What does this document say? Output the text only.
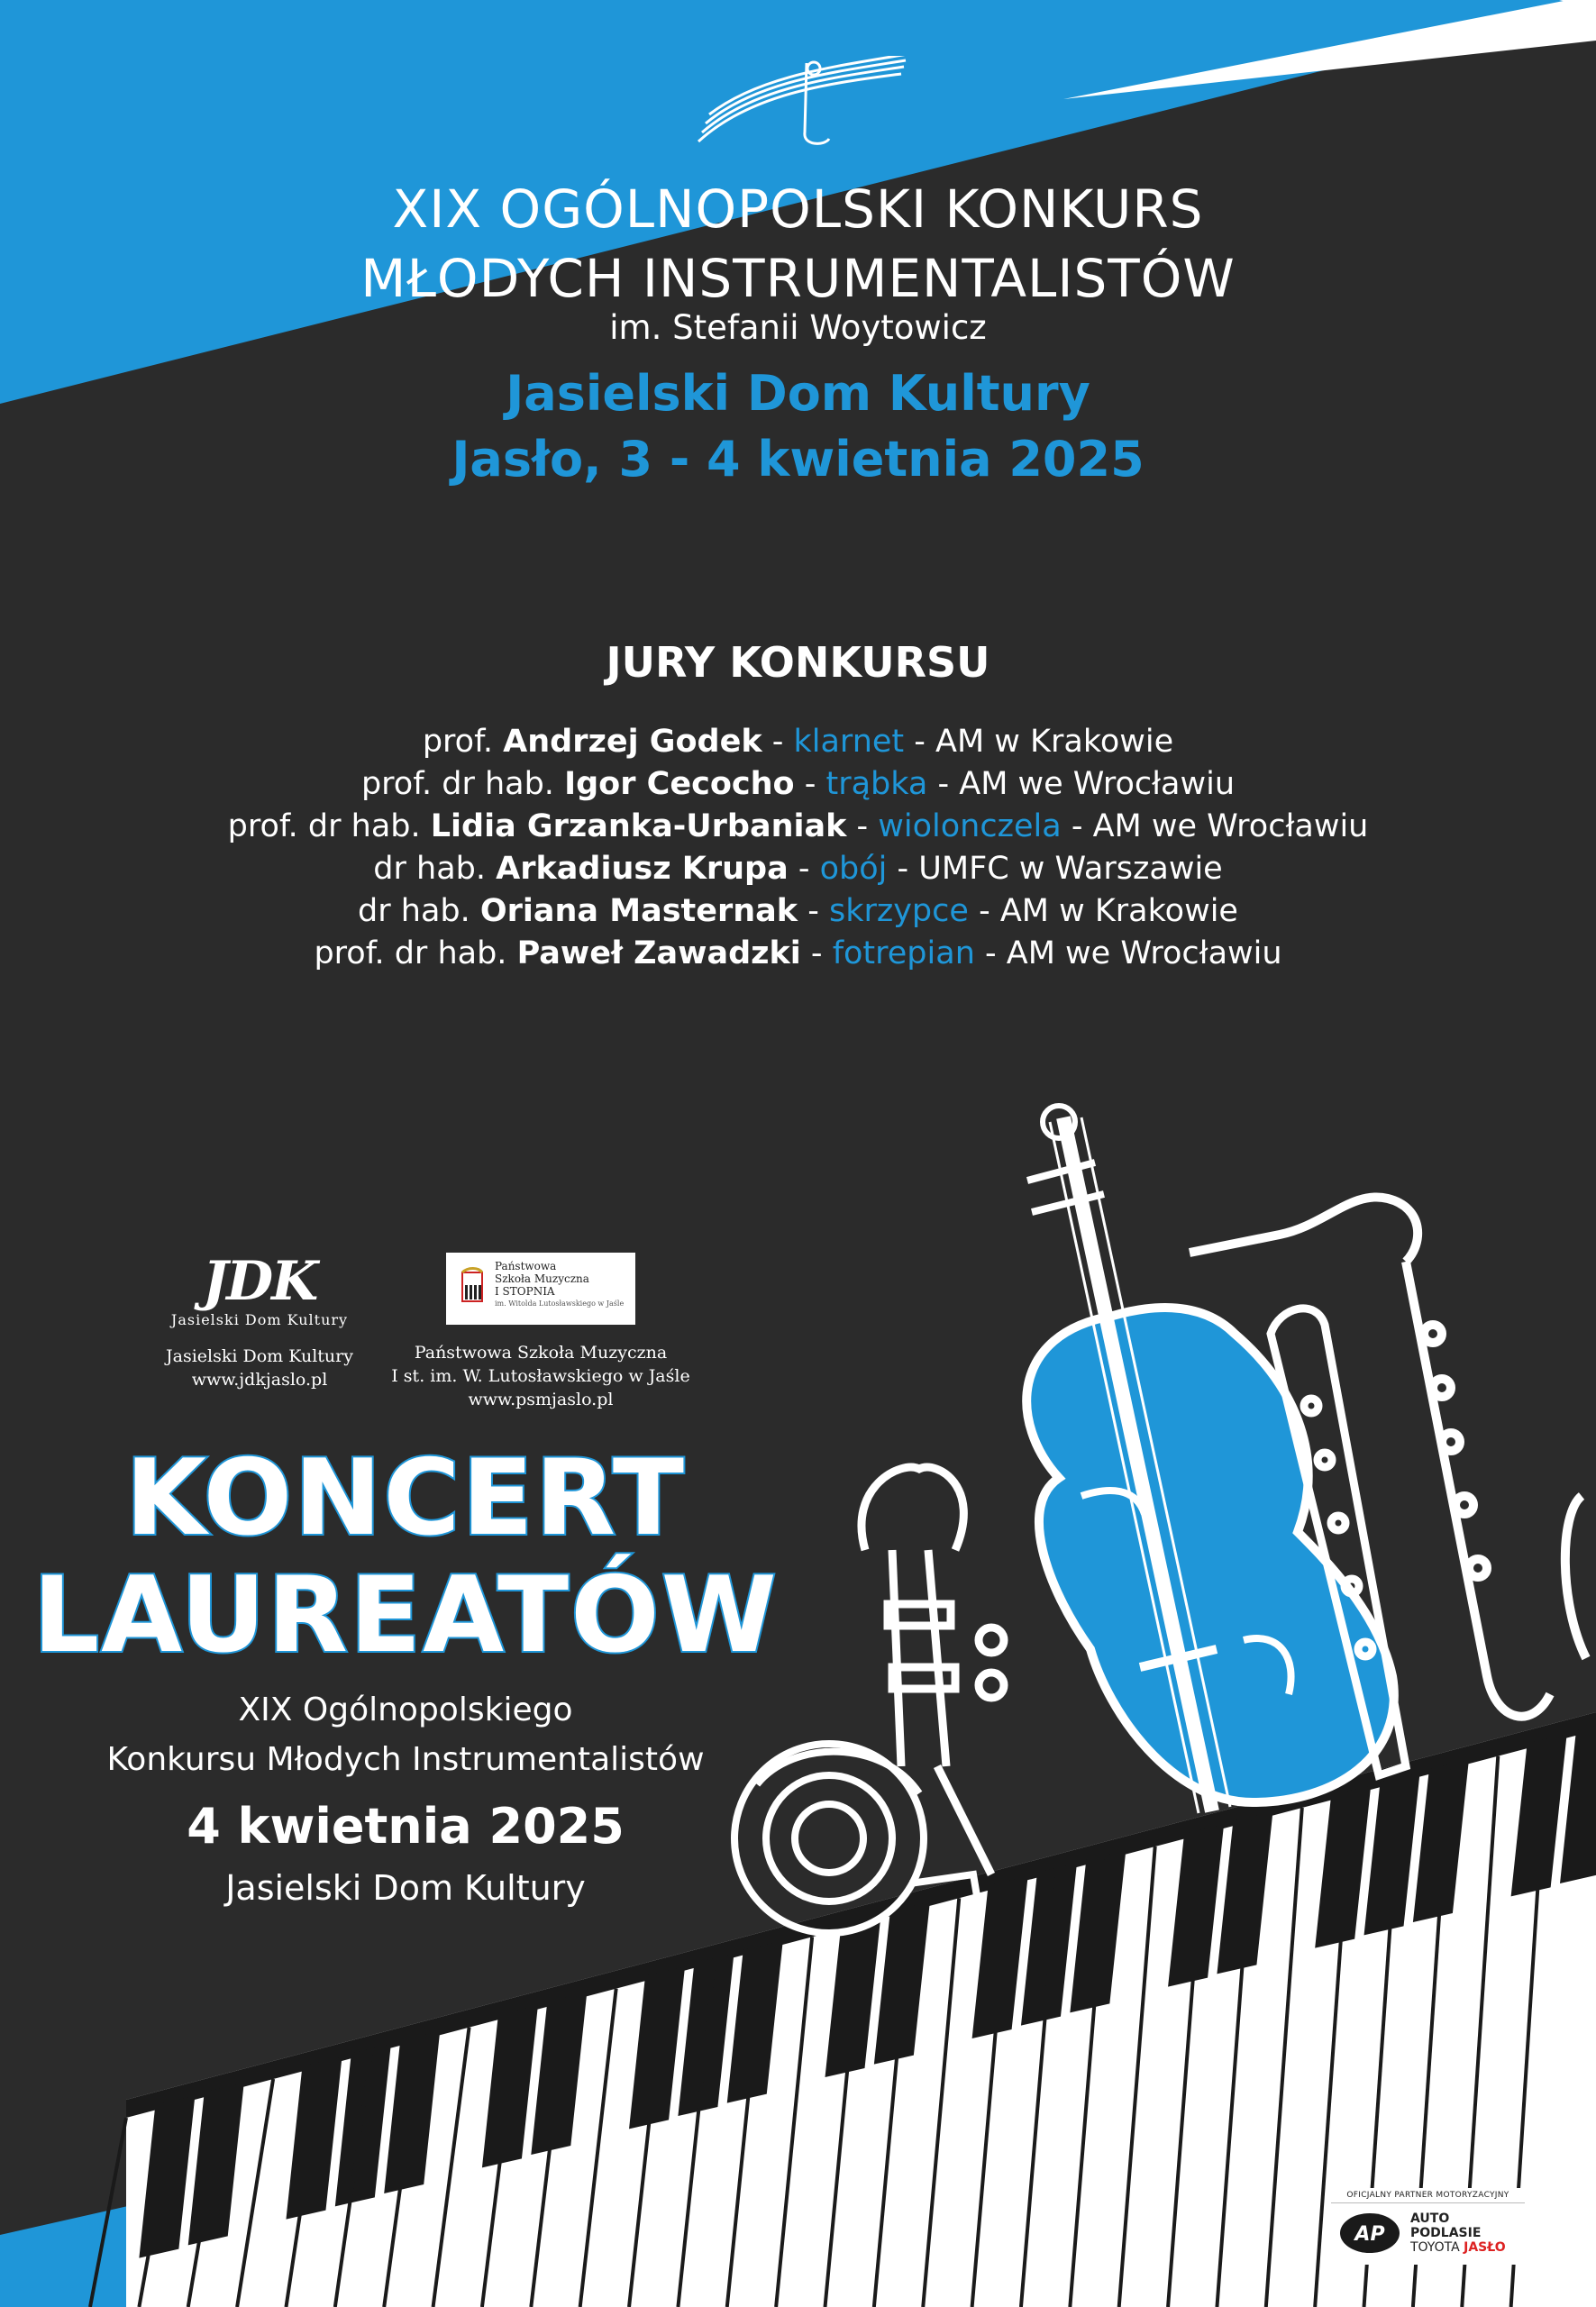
XIX OGÓLNOPOLSKI KONKURS
MŁODYCH INSTRUMENTALISTÓW
im. Stefanii Woytowicz
Jasielski Dom Kultury
Jasło, 3 - 4 kwietnia 2025
JURY KONKURSU
prof. Andrzej Godek - klarnet - AM w Krakowie
prof. dr hab. Igor Cecocho - trąbka - AM we Wrocławiu
prof. dr hab. Lidia Grzanka-Urbaniak - wiolonczela - AM we Wrocławiu
dr hab. Arkadiusz Krupa - obój - UMFC w Warszawie
dr hab. Oriana Masternak - skrzypce - AM w Krakowie
prof. dr hab. Paweł Zawadzki - fotrepian - AM we Wrocławiu
JDK
Jasielski Dom Kultury
Jasielski Dom Kultury
www.jdkjaslo.pl
Państwowa
Szkoła Muzyczna
I STOPNIA
im. Witolda Lutosławskiego w Jaśle
Państwowa Szkoła Muzyczna
I st. im. W. Lutosławskiego w Jaśle
www.psmjaslo.pl
KONCERT
LAUREATÓW
XIX Ogólnopolskiego
Konkursu Młodych Instrumentalistów
4 kwietnia 2025
Jasielski Dom Kultury
OFICJALNY PARTNER MOTORYZACYJNY
AP
AUTO
PODLASIE
TOYOTA JASŁO
